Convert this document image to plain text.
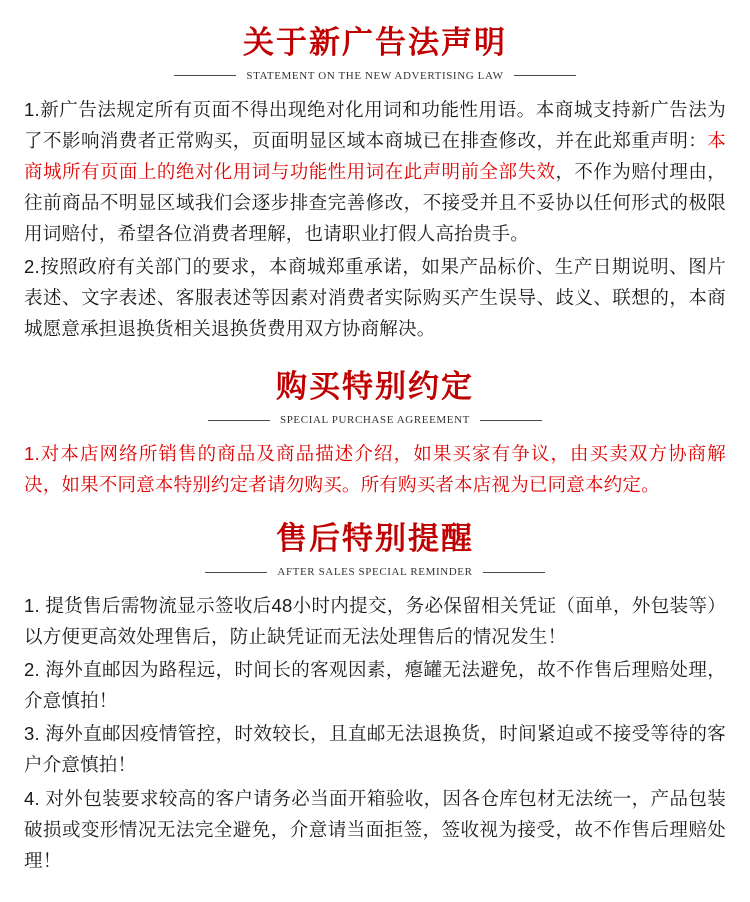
关于新广告法声明
STATEMENT ON THE NEW ADVERTISING LAW

1.新广告法规定所有页面不得出现绝对化用词和功能性用语。本商城支持新广告法为了不影响消费者正常购买，页面明显区域本商城已在排查修改，并在此郑重声明：本商城所有页面上的绝对化用词与功能性用词在此声明前全部失效，不作为赔付理由，往前商品不明显区域我们会逐步排查完善修改，不接受并且不妥协以任何形式的极限用词赔付，希望各位消费者理解，也请职业打假人高抬贵手。

2.按照政府有关部门的要求，本商城郑重承诺，如果产品标价、生产日期说明、图片表述、文字表述、客服表述等因素对消费者实际购买产生误导、歧义、联想的，本商城愿意承担退换货相关退换货费用双方协商解决。

购买特别约定
SPECIAL PURCHASE AGREEMENT

1.对本店网络所销售的商品及商品描述介绍，如果买家有争议，由买卖双方协商解决，如果不同意本特别约定者请勿购买。所有购买者本店视为已同意本约定。

售后特别提醒
AFTER SALES SPECIAL REMINDER

1. 提货售后需物流显示签收后48小时内提交，务必保留相关凭证（面单，外包装等）以方便更高效处理售后，防止缺凭证而无法处理售后的情况发生！

2. 海外直邮因为路程远，时间长的客观因素，瘪罐无法避免，故不作售后理赔处理，介意慎拍！

3. 海外直邮因疫情管控，时效较长，且直邮无法退换货，时间紧迫或不接受等待的客户介意慎拍！

4. 对外包装要求较高的客户请务必当面开箱验收，因各仓库包材无法统一，产品包装破损或变形情况无法完全避免，介意请当面拒签，签收视为接受，故不作售后理赔处理！
